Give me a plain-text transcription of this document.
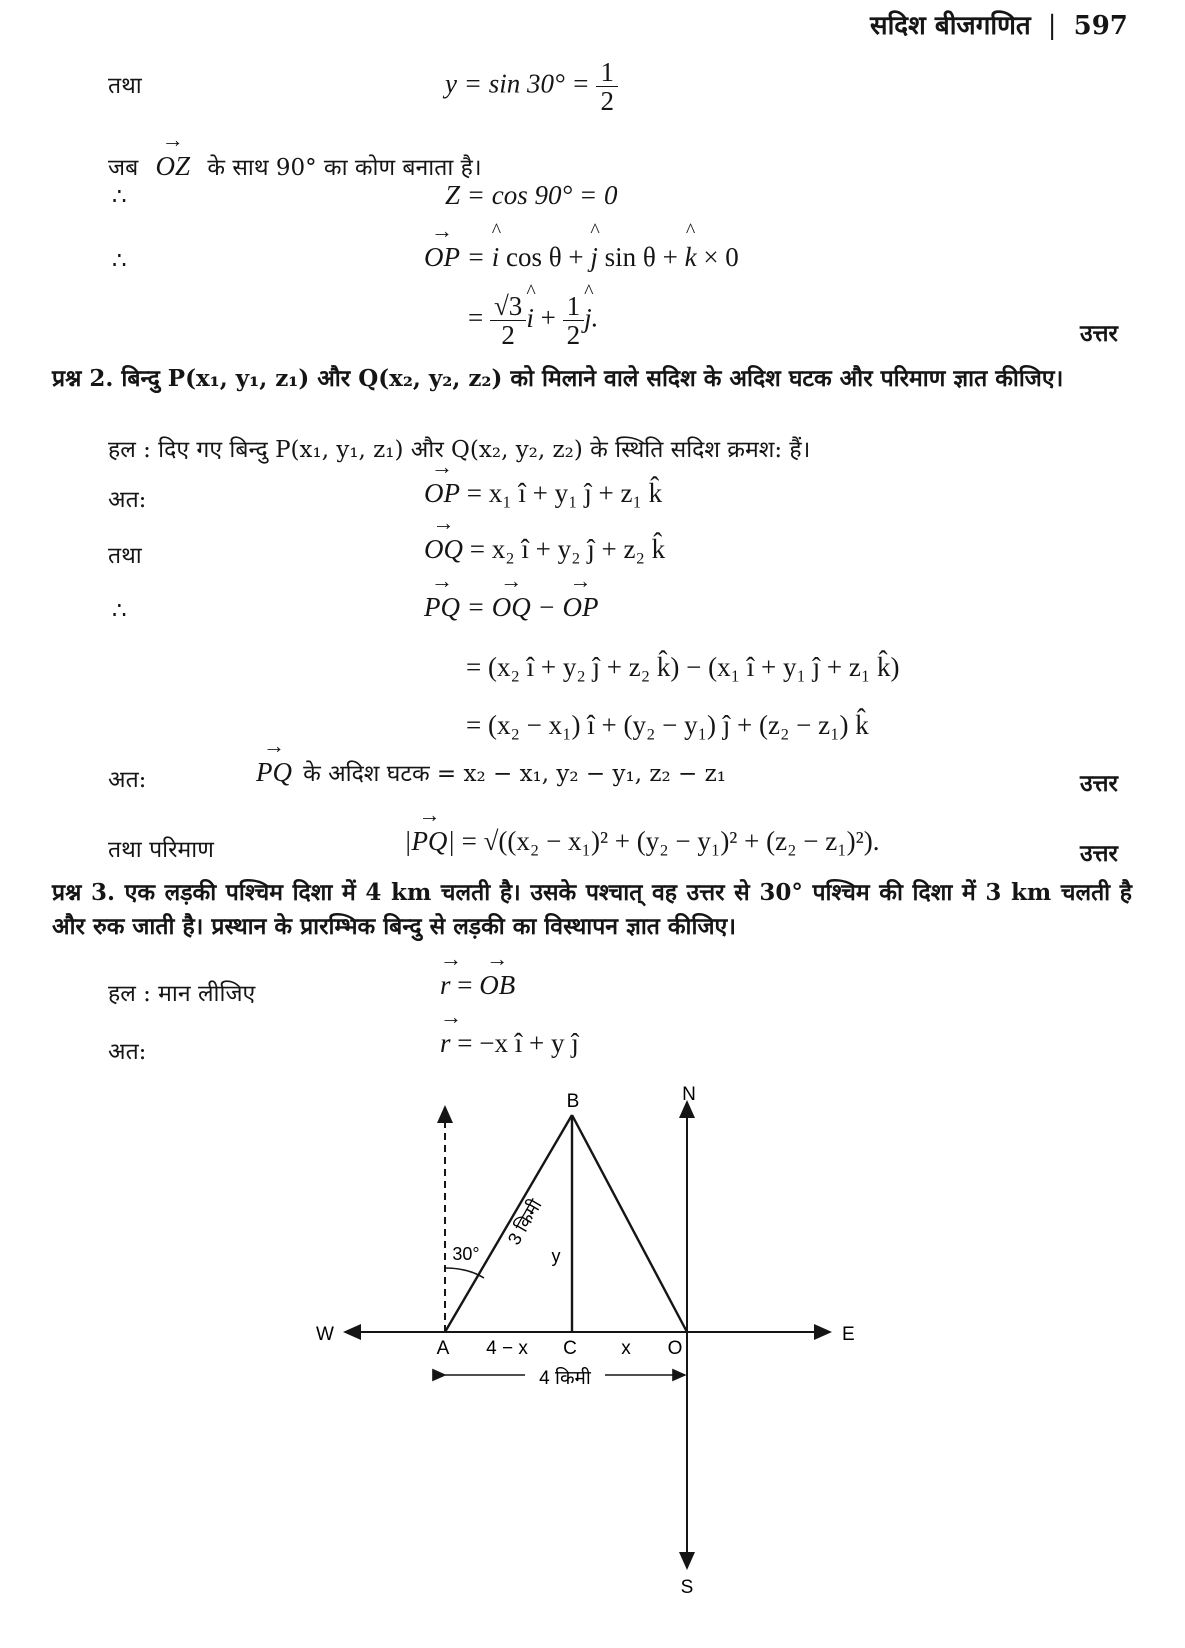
सदिश बीजगणित | 597
तथा	$y = \sin 30^\circ = \frac{1}{2}$
जब → OZ के साथ 90° का कोण बनाता है।
∴	Z = cos 90° = 0
∴	→ OP = ^ i cos θ + ^ j sin θ + ^ k × 0
= $\frac{√3}{2}$ ^ $i + \frac{1}{2}$ ^ j.
उत्तर
प्रश्न 2. बिन्दु P(x₁, y₁, z₁) और Q(x₂, y₂, z₂) को मिलाने वाले सदिश के अदिश घटक और परिमाण ज्ञात कीजिए।
हल : दिए गए बिन्दु P(x₁, y₁, z₁) और Q(x₂, y₂, z₂) के स्थिति सदिश क्रमश: हैं।
अत:	→ OP = x₁ î + y₁ ĵ + z₁ k̂
तथा	→ OQ = x₂ î + y₂ ĵ + z₂ k̂
∴	→ PQ = → OQ − → OP
= (x₂ î + y₂ ĵ + z₂ k̂) − (x₁ î + y₁ ĵ + z₁ k̂)
= (x₂ − x₁) î + (y₂ − y₁) ĵ + (z₂ − z₁) k̂
अत:	→ PQ के अदिश घटक = x₂ − x₁, y₂ − y₁, z₂ − z₁	उत्तर
तथा परिमाण	|→ PQ| = √((x₂ − x₁)² + (y₂ − y₁)² + (z₂ − z₁)²).	उत्तर
प्रश्न 3. एक लड़की पश्चिम दिशा में 4 km चलती है। उसके पश्चात् वह उत्तर से 30° पश्चिम की दिशा में 3 km चलती है और रुक जाती है। प्रस्थान के प्रारम्भिक बिन्दु से लड़की का विस्थापन ज्ञात कीजिए।
हल : मान लीजिए	→ r = → OB
अत:	→ r = −x î + y ĵ
B	N
S
E
W
A	C	O
30°
3 किमी
y
4 − x	x
4 किमी
